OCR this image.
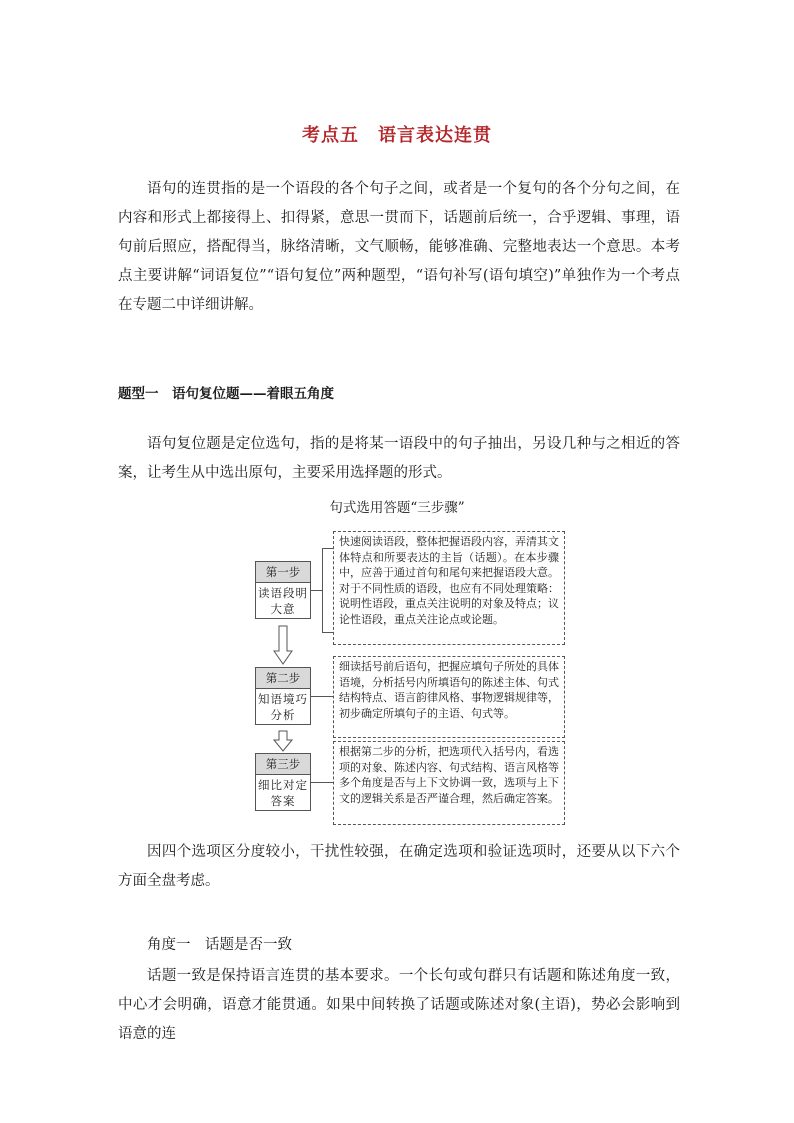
考点五　语言表达连贯
语句的连贯指的是一个语段的各个句子之间，或者是一个复句的各个分句之间，在内容和形式上都接得上、扣得紧，意思一贯而下，话题前后统一，合乎逻辑、事理，语句前后照应，搭配得当，脉络清晰，文气顺畅，能够准确、完整地表达一个意思。本考点主要讲解“词语复位”“语句复位”两种题型，“语句补写(语句填空)”单独作为一个考点在专题二中详细讲解。
题型一　语句复位题——着眼五角度
语句复位题是定位选句，指的是将某一语段中的句子抽出，另设几种与之相近的答案，让考生从中选出原句，主要采用选择题的形式。
句式选用答题“三步骤”
第一步
读语段明大意
快速阅读语段，整体把握语段内容，弄清其文体特点和所要表达的主旨（话题）。在本步骤中，应善于通过首句和尾句来把握语段大意。对于不同性质的语段，也应有不同处理策略：说明性语段，重点关注说明的对象及特点；议论性语段，重点关注论点或论题。
第二步
知语境巧分析
细读括号前后语句，把握应填句子所处的具体语境，分析括号内所填语句的陈述主体、句式结构特点、语言韵律风格、事物逻辑规律等，初步确定所填句子的主语、句式等。
第三步
细比对定答案
根据第二步的分析，把选项代入括号内，看选项的对象、陈述内容、句式结构、语言风格等多个角度是否与上下文协调一致，选项与上下文的逻辑关系是否严谨合理，然后确定答案。
因四个选项区分度较小，干扰性较强，在确定选项和验证选项时，还要从以下六个方面全盘考虑。
角度一　话题是否一致
话题一致是保持语言连贯的基本要求。一个长句或句群只有话题和陈述角度一致，中心才会明确，语意才能贯通。如果中间转换了话题或陈述对象(主语)，势必会影响到语意的连
